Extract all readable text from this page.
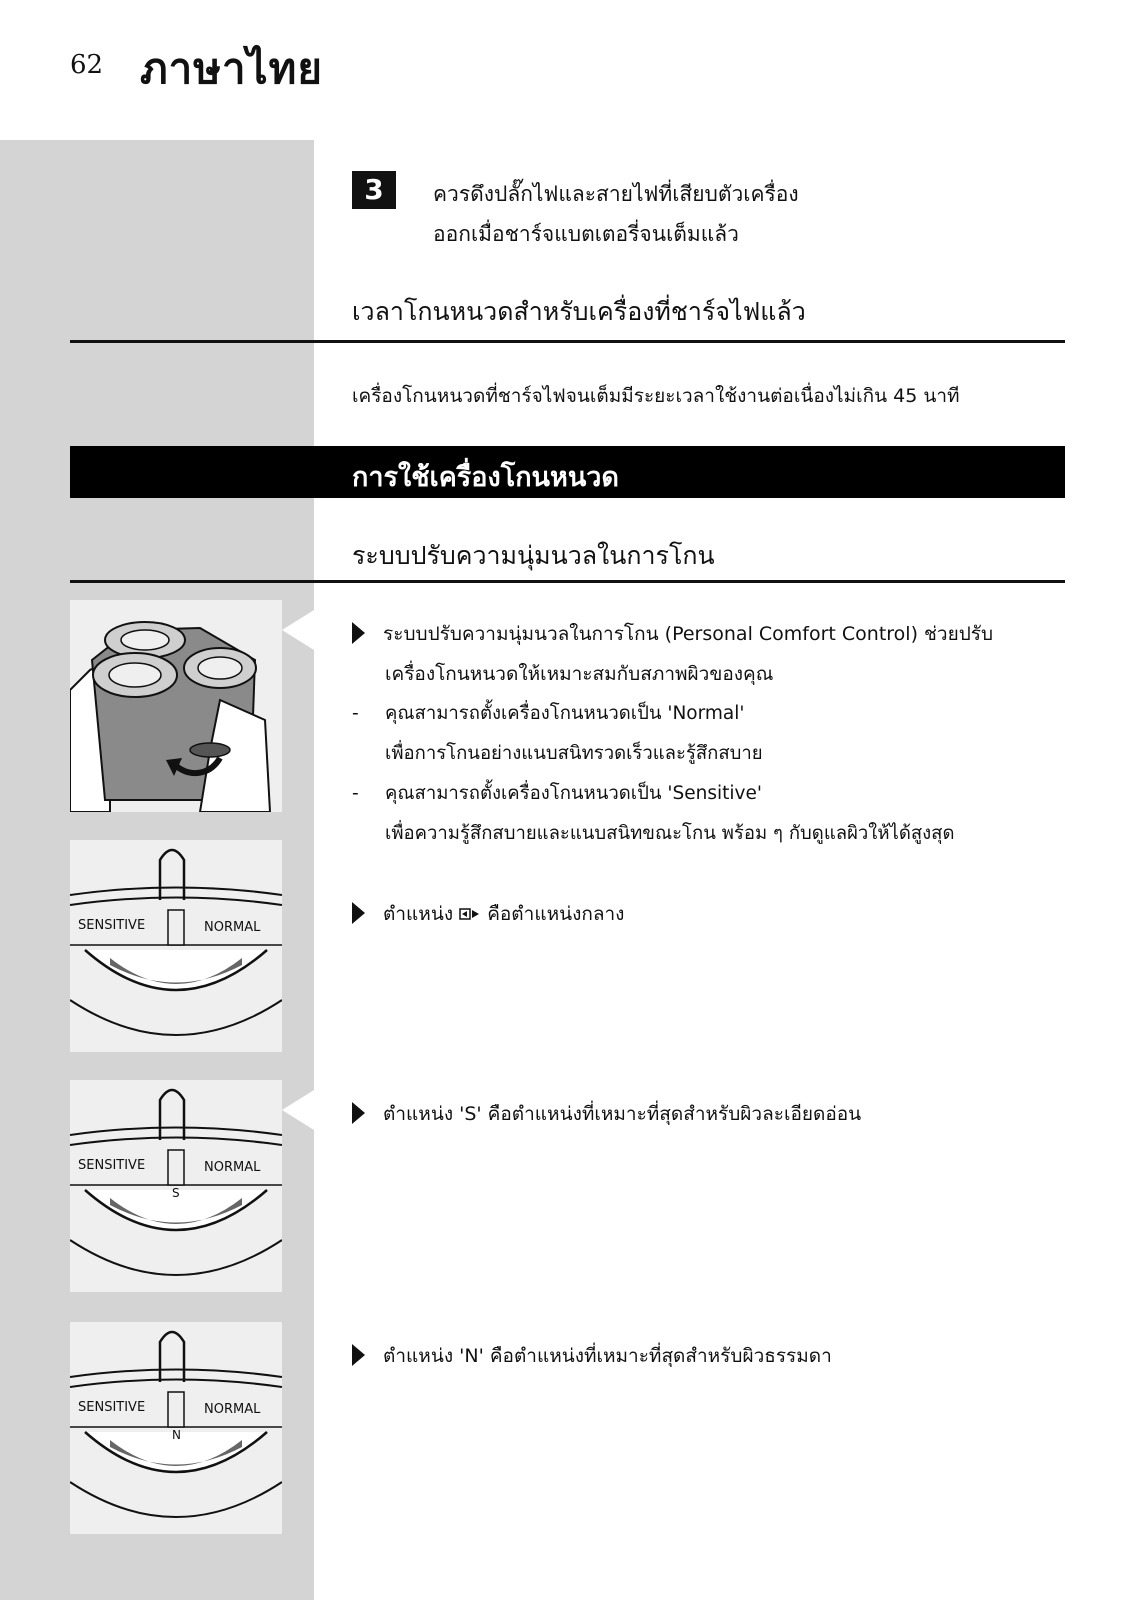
62 ภาษาไทย
3	ควรดึงปลั๊กไฟและสายไฟที่เสียบตัวเครื่อง
ออกเมื่อชาร์จแบตเตอรี่จนเต็มแล้ว
เวลาโกนหนวดสำหรับเครื่องที่ชาร์จไฟแล้ว
เครื่องโกนหนวดที่ชาร์จไฟจนเต็มมีระยะเวลาใช้งานต่อเนื่องไม่เกิน 45 นาที
การใช้เครื่องโกนหนวด
ระบบปรับความนุ่มนวลในการโกน
SENSITIVE	NORMAL
SENSITIVE	NORMAL
S
SENSITIVE	NORMAL
N
ระบบปรับความนุ่มนวลในการโกน (Personal Comfort Control) ช่วยปรับ
เครื่องโกนหนวดให้เหมาะสมกับสภาพผิวของคุณ
- คุณสามารถตั้งเครื่องโกนหนวดเป็น 'Normal'
เพื่อการโกนอย่างแนบสนิทรวดเร็วและรู้สึกสบาย
- คุณสามารถตั้งเครื่องโกนหนวดเป็น 'Sensitive'
เพื่อความรู้สึกสบายและแนบสนิทขณะโกน พร้อม ๆ กับดูแลผิวให้ได้สูงสุด
ตำแหน่ง คือตำแหน่งกลาง
ตำแหน่ง 'S' คือตำแหน่งที่เหมาะที่สุดสำหรับผิวละเอียดอ่อน
ตำแหน่ง 'N' คือตำแหน่งที่เหมาะที่สุดสำหรับผิวธรรมดา
